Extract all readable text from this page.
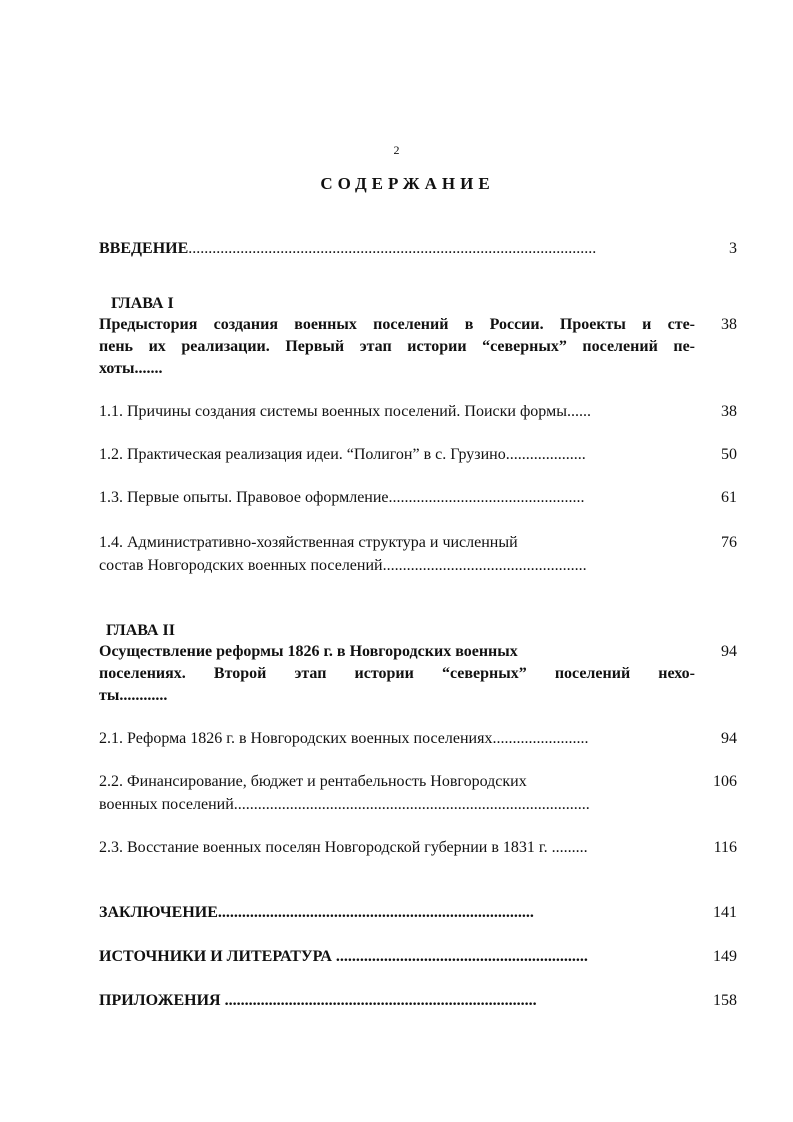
2
СОДЕРЖАНИЕ
ВВЕДЕНИЕ......................................................................................................	3
ГЛАВА I
Предыстория создания военных поселений в России. Проекты и сте-
пень их реализации. Первый этап истории “северных” поселений пе-
хоты.......
38
1.1. Причины создания системы военных поселений. Поиски формы......	38
1.2. Практическая реализация идеи. “Полигон” в с. Грузино....................	50
1.3. Первые опыты. Правовое оформление.................................................	61
1.4. Административно-хозяйственная структура и численный
состав Новгородских военных поселений...................................................
76
ГЛАВА II
Осуществление реформы 1826 г. в Новгородских военных
поселениях. Второй этап истории “северных” поселений нехо-
ты............
94
2.1. Реформа 1826 г. в Новгородских военных поселениях........................	94
2.2. Финансирование, бюджет и рентабельность Новгородских
военных поселений.........................................................................................
106
2.3. Восстание военных поселян Новгородской губернии в 1831 г. .........	116
ЗАКЛЮЧЕНИЕ...............................................................................	141
ИСТОЧНИКИ И ЛИТЕРАТУРА ...............................................................	149
ПРИЛОЖЕНИЯ ..............................................................................	158
